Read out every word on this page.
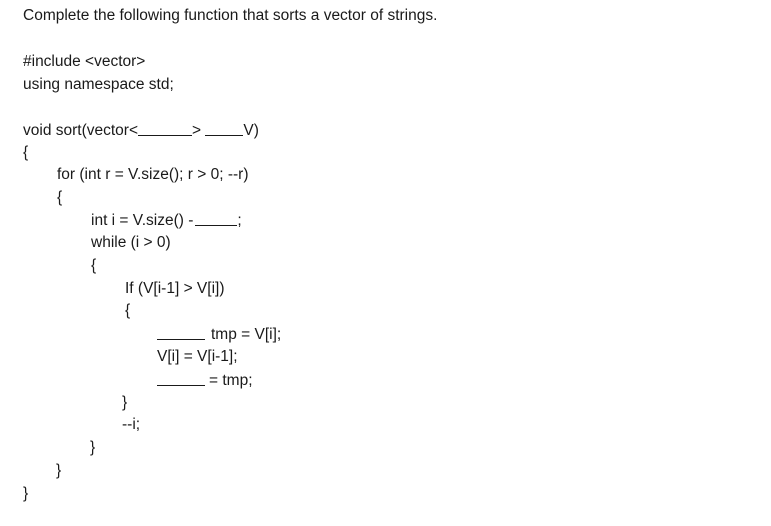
Complete the following function that sorts a vector of strings.
#include <vector>
using namespace std;
void sort(vector<	>	V)
{
for (int r = V.size(); r > 0; --r)
{
int i = V.size() -	;
while (i > 0)
{
If (V[i-1] > V[i])
{
tmp = V[i];
V[i] = V[i-1];
= tmp;
}
--i;
}
}
}
